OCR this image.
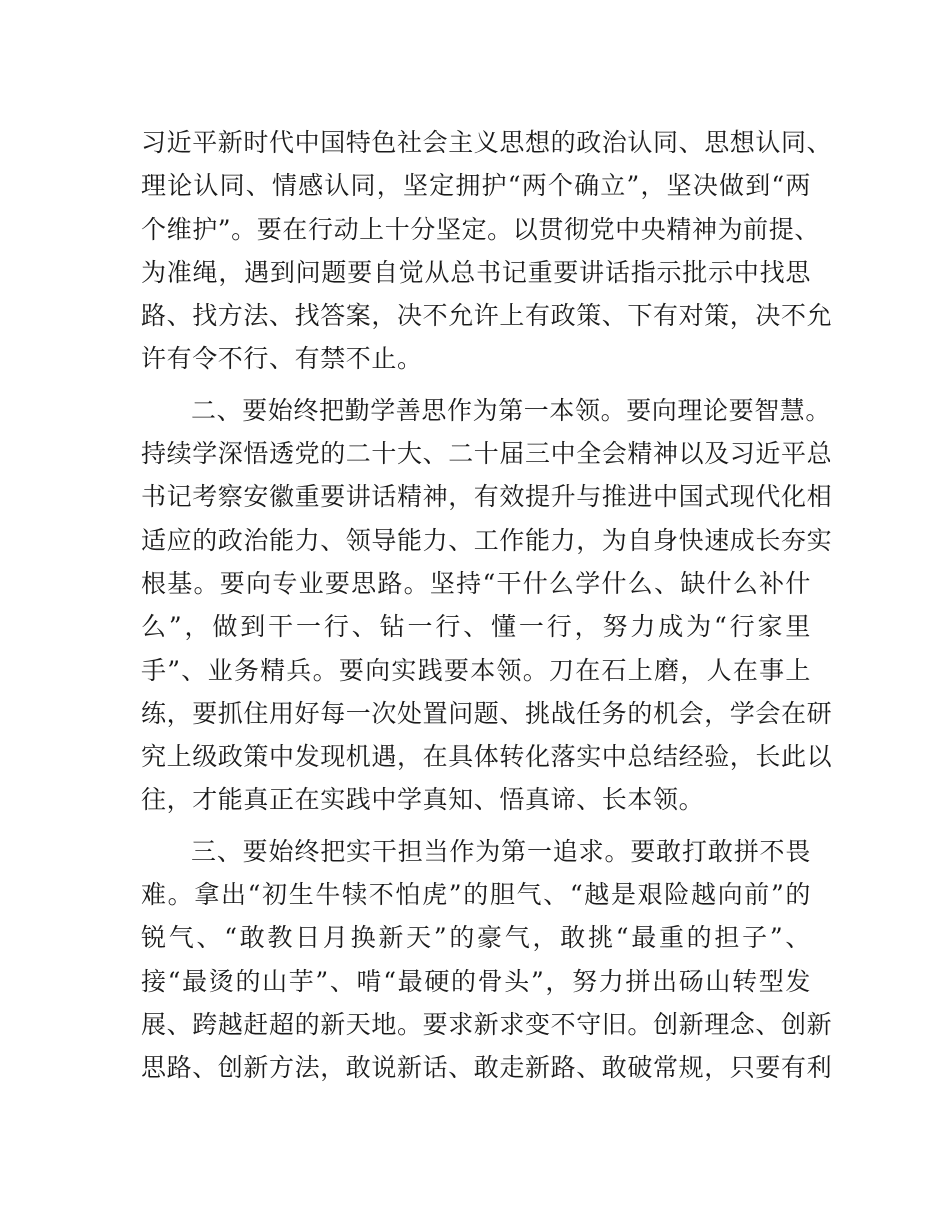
习近平新时代中国特色社会主义思想的政治认同、思想认同、
理论认同、情感认同，坚定拥护“两个确立”，坚决做到“两
个维护”。要在行动上十分坚定。以贯彻党中央精神为前提、
为准绳，遇到问题要自觉从总书记重要讲话指示批示中找思
路、找方法、找答案，决不允许上有政策、下有对策，决不允
许有令不行、有禁不止。
二、要始终把勤学善思作为第一本领。要向理论要智慧。
持续学深悟透党的二十大、二十届三中全会精神以及习近平总
书记考察安徽重要讲话精神，有效提升与推进中国式现代化相
适应的政治能力、领导能力、工作能力，为自身快速成长夯实
根基。要向专业要思路。坚持“干什么学什么、缺什么补什
么”，做到干一行、钻一行、懂一行，努力成为“行家里
手”、业务精兵。要向实践要本领。刀在石上磨，人在事上
练，要抓住用好每一次处置问题、挑战任务的机会，学会在研
究上级政策中发现机遇，在具体转化落实中总结经验，长此以
往，才能真正在实践中学真知、悟真谛、长本领。
三、要始终把实干担当作为第一追求。要敢打敢拼不畏
难。拿出“初生牛犊不怕虎”的胆气、“越是艰险越向前”的
锐气、“敢教日月换新天”的豪气，敢挑“最重的担子”、
接“最烫的山芋”、啃“最硬的骨头”，努力拼出砀山转型发
展、跨越赶超的新天地。要求新求变不守旧。创新理念、创新
思路、创新方法，敢说新话、敢走新路、敢破常规，只要有利
